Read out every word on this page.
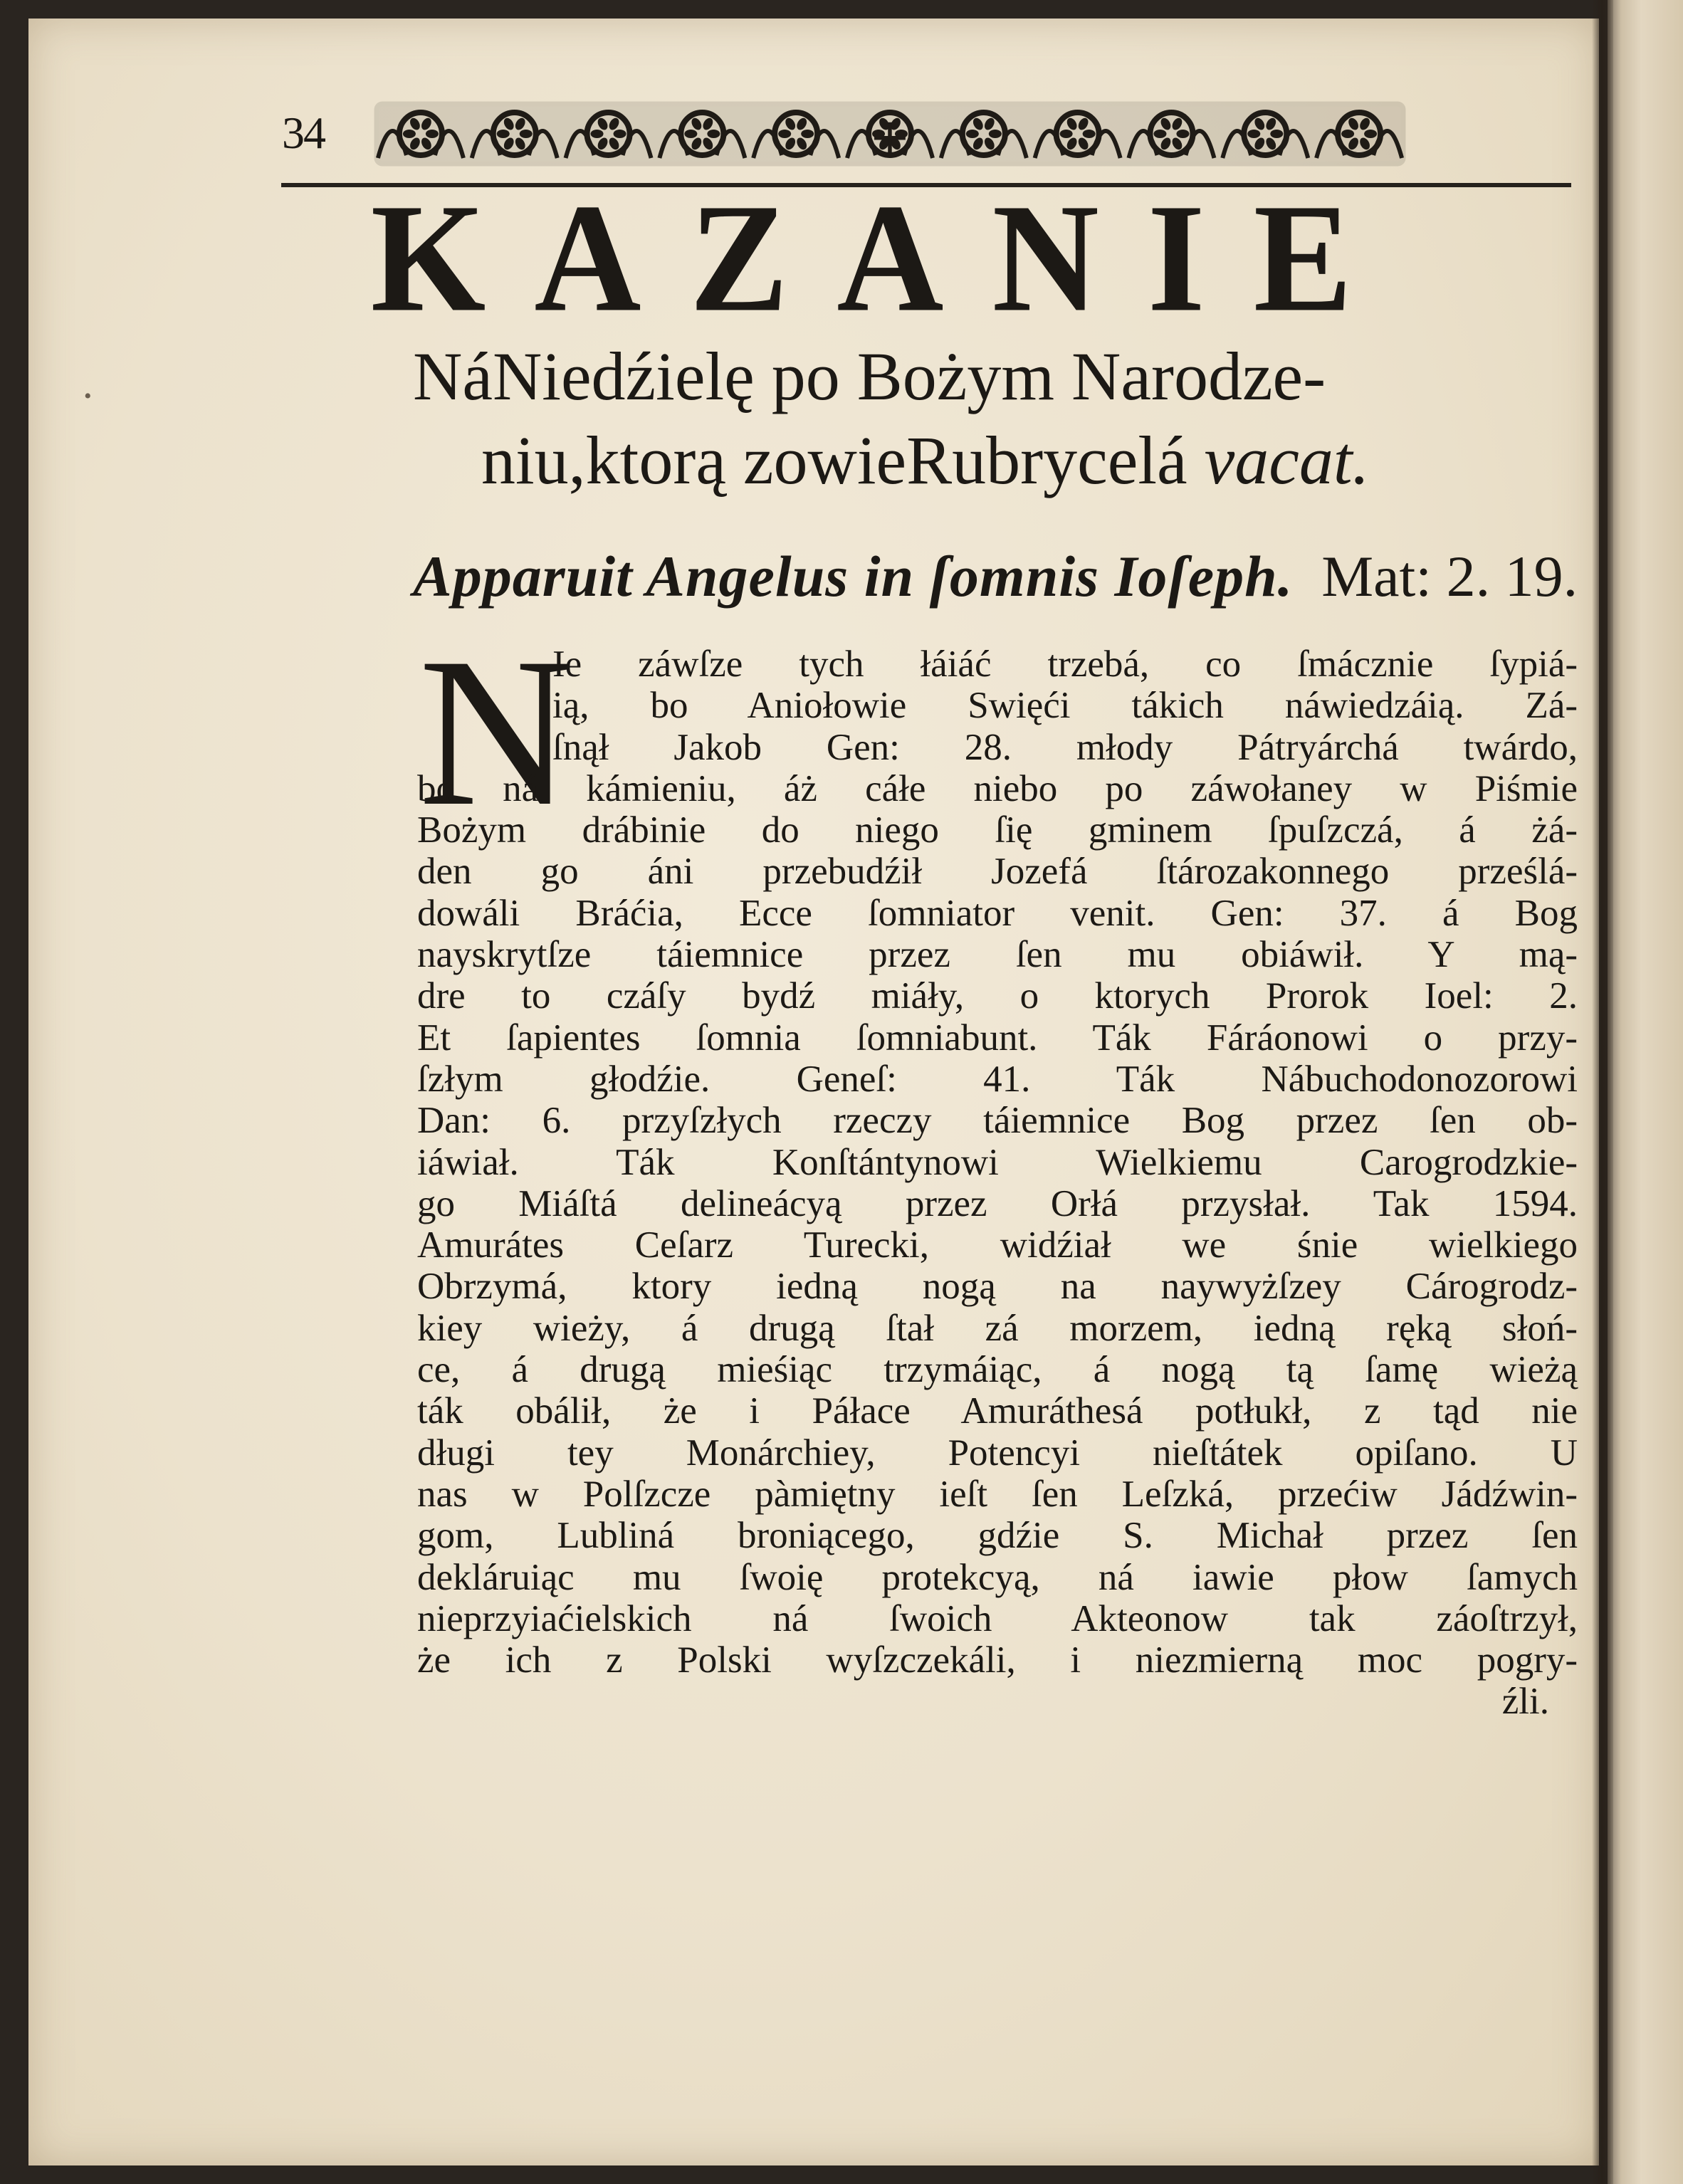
•
34	+
KAZANIE
NáNiedźielę po Bożym Narodze-
niu,ktorą zowieRubrycelá vacat.
Apparuit Angelus in ſomnis Ioſeph. Mat: 2. 19.
N
Ie záwſze tych łáiáć trzebá, co ſmácznie ſypiá-
ią, bo Aniołowie Swięći tákich náwiedzáią. Zá-
ſnął Jakob Gen: 28. młody Pátryárchá twárdo,
bo ná kámieniu, áż cáłe niebo po záwołaney w Piśmie
Bożym drábinie do niego ſię gminem ſpuſzczá, á żá-
den go áni przebudźił Jozefá ſtározakonnego prześlá-
dowáli Bráćia, Ecce ſomniator venit. Gen: 37. á Bog
nayskrytſze táiemnice przez ſen mu obiáwił. Y mą-
dre to czáſy bydź miáły, o ktorych Prorok Ioel: 2.
Et ſapientes ſomnia ſomniabunt. Ták Fáráonowi o przy-
ſzłym głodźie. Geneſ: 41. Ták Nábuchodonozorowi
Dan: 6. przyſzłych rzeczy táiemnice Bog przez ſen ob-
iáwiał. Ták Konſtántynowi Wielkiemu Carogrodzkie-
go Miáſtá delineácyą przez Orłá przysłał. Tak 1594.
Amurátes Ceſarz Turecki, widźiał we śnie wielkiego
Obrzymá, ktory iedną nogą na naywyżſzey Cárogrodz-
kiey wieży, á drugą ſtał zá morzem, iedną ręką słoń-
ce, á drugą mieśiąc trzymáiąc, á nogą tą ſamę wieżą
ták obálił, że i Páłace Amuráthesá potłukł, z tąd nie
długi tey Monárchiey, Potencyi nieſtátek opiſano. U
nas w Polſzcze pàmiętny ieſt ſen Leſzká, przećiw Jádźwin-
gom, Lubliná broniącego, gdźie S. Michał przez ſen
dekláruiąc mu ſwoię protekcyą, ná iawie płow ſamych
nieprzyiaćielskich ná ſwoich Akteonow tak záoſtrzył,
że ich z Polski wyſzczekáli, i niezmierną moc pogry-
źli.
